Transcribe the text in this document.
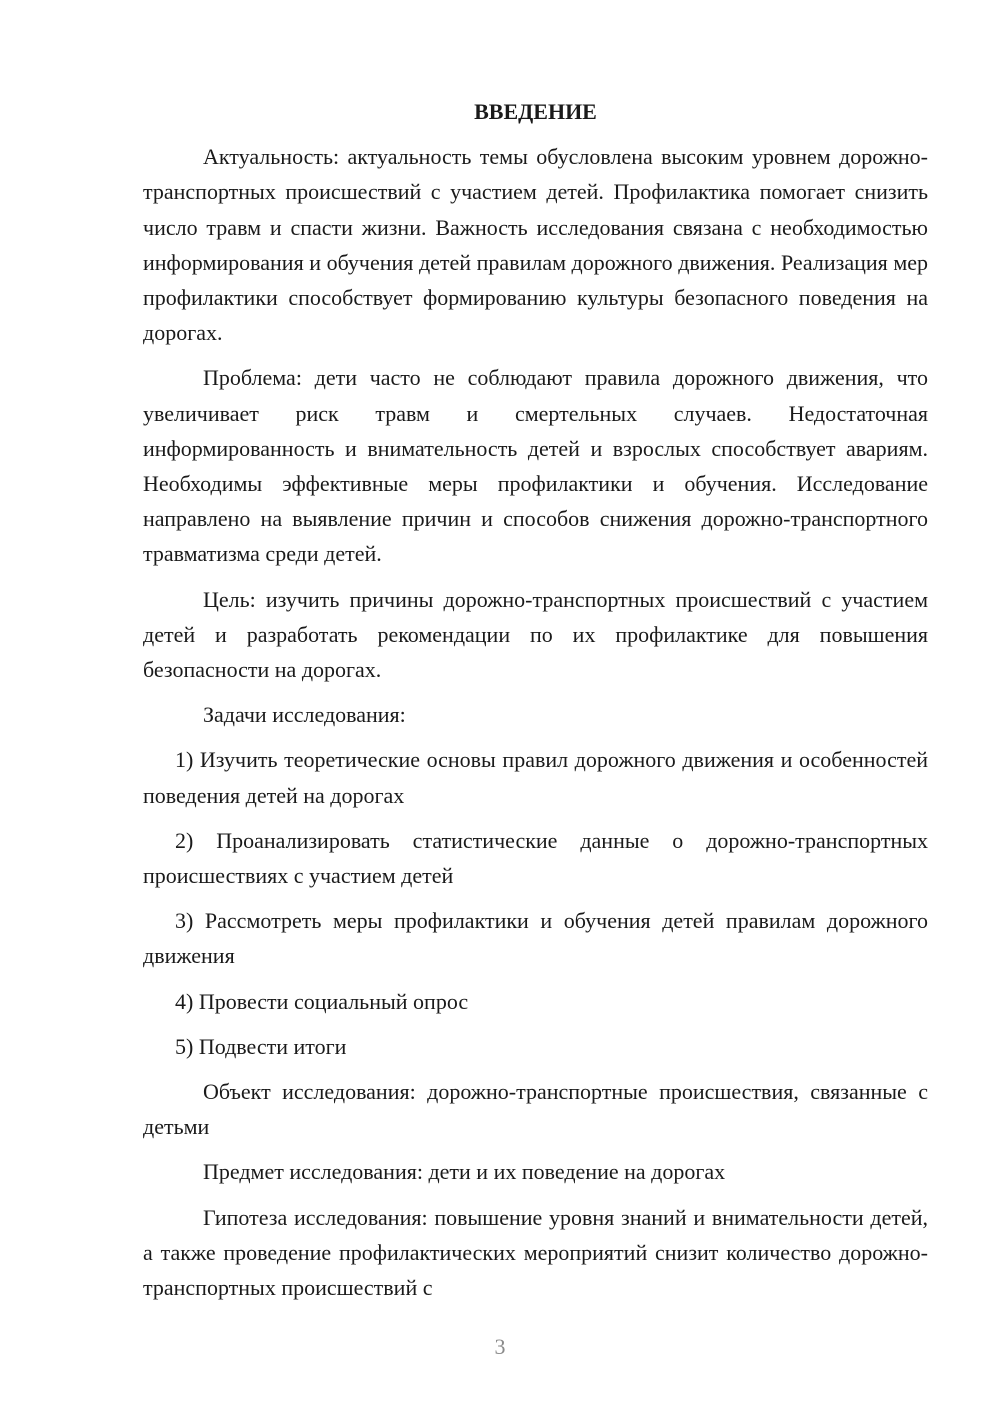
ВВЕДЕНИЕ
Актуальность: актуальность темы обусловлена высоким уровнем дорожно-транспортных происшествий с участием детей. Профилактика помогает снизить число травм и спасти жизни. Важность исследования связана с необходимостью информирования и обучения детей правилам дорожного движения. Реализация мер профилактики способствует формированию культуры безопасного поведения на дорогах.
Проблема: дети часто не соблюдают правила дорожного движения, что увеличивает риск травм и смертельных случаев. Недостаточная информированность и внимательность детей и взрослых способствует авариям. Необходимы эффективные меры профилактики и обучения. Исследование направлено на выявление причин и способов снижения дорожно-транспортного травматизма среди детей.
Цель: изучить причины дорожно-транспортных происшествий с участием детей и разработать рекомендации по их профилактике для повышения безопасности на дорогах.
Задачи исследования:
1) Изучить теоретические основы правил дорожного движения и особенностей поведения детей на дорогах
2) Проанализировать статистические данные о дорожно-транспортных происшествиях с участием детей
3) Рассмотреть меры профилактики и обучения детей правилам дорожного движения
4) Провести социальный опрос
5) Подвести итоги
Объект исследования: дорожно-транспортные происшествия, связанные с детьми
Предмет исследования: дети и их поведение на дорогах
Гипотеза исследования: повышение уровня знаний и внимательности детей, а также проведение профилактических мероприятий снизит количество дорожно-транспортных происшествий с
3
